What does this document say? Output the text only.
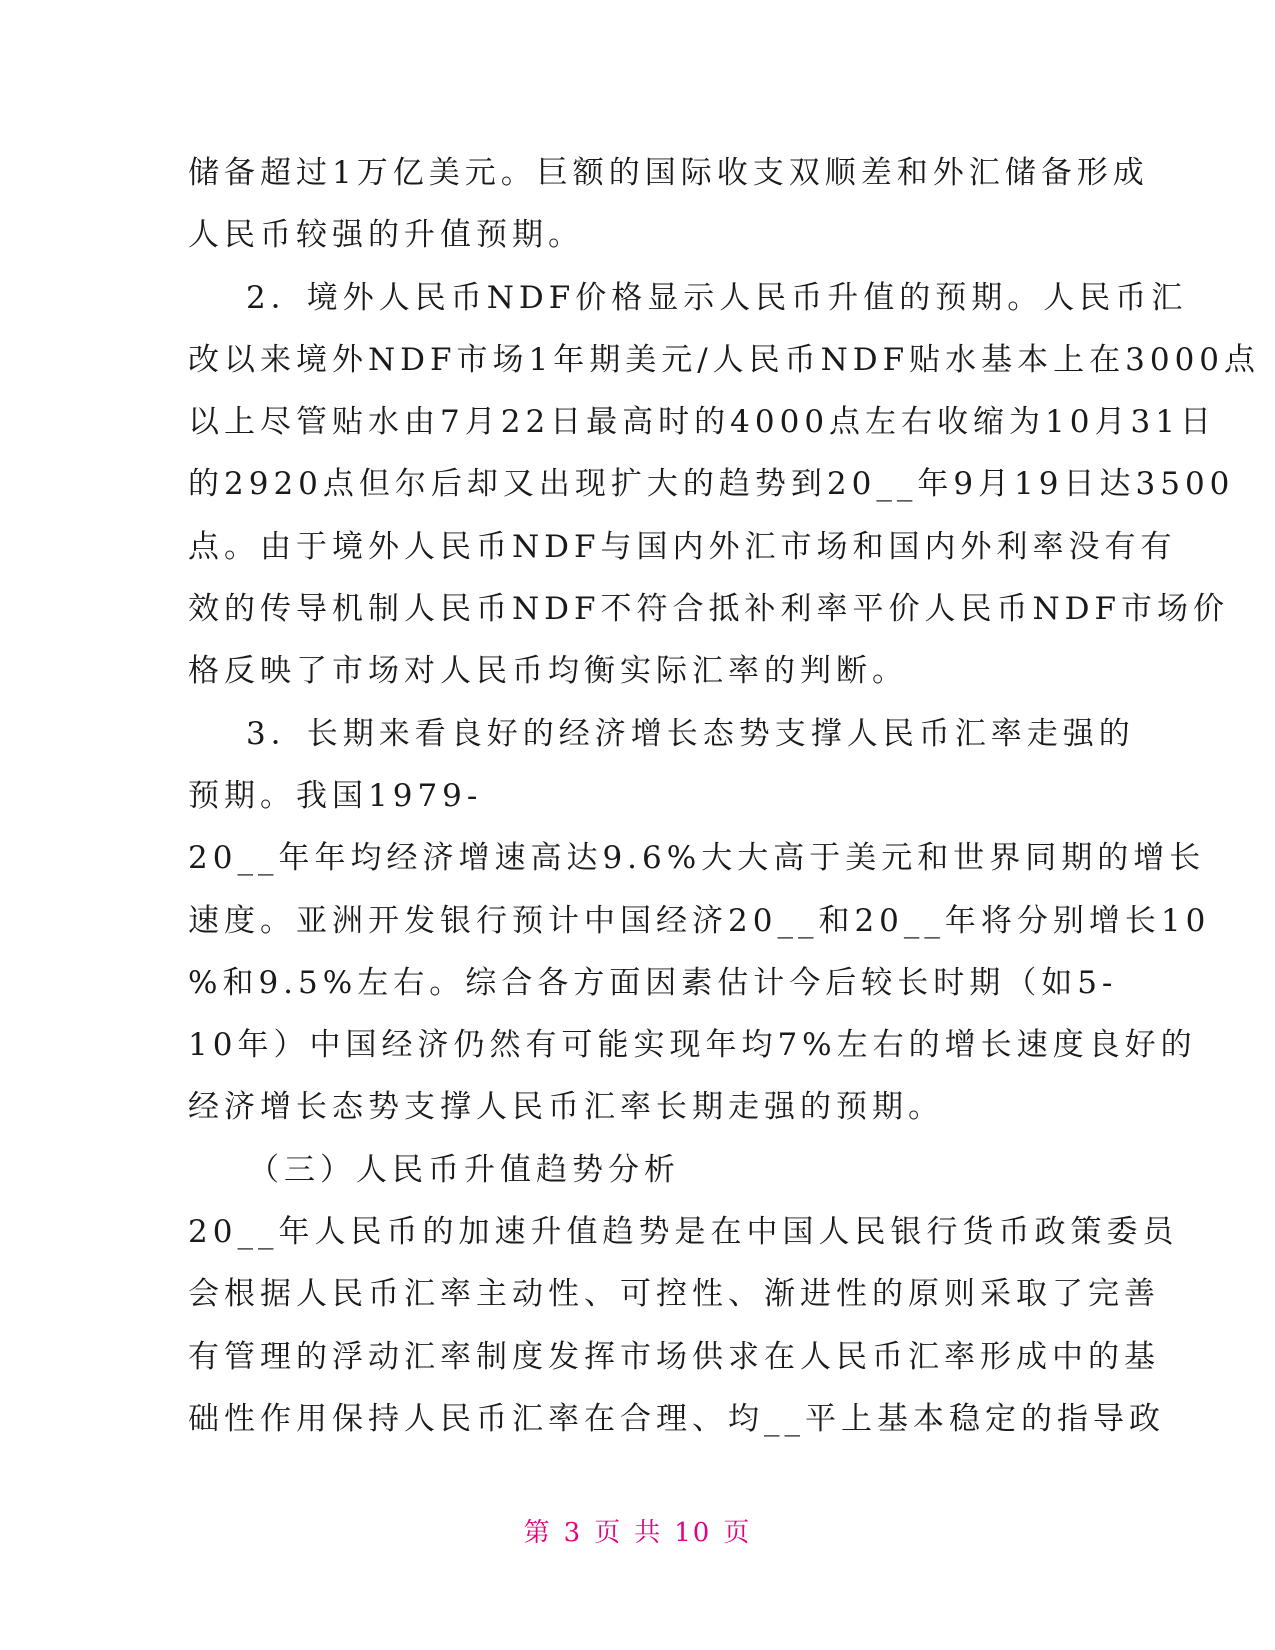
储备超过1万亿美元。巨额的国际收支双顺差和外汇储备形成
人民币较强的升值预期。
2．境外人民币NDF价格显示人民币升值的预期。人民币汇
改以来境外NDF市场1年期美元/人民币NDF贴水基本上在3000点
以上尽管贴水由7月22日最高时的4000点左右收缩为10月31日
的2920点但尔后却又出现扩大的趋势到20__年9月19日达3500
点。由于境外人民币NDF与国内外汇市场和国内外利率没有有
效的传导机制人民币NDF不符合抵补利率平价人民币NDF市场价
格反映了市场对人民币均衡实际汇率的判断。
3．长期来看良好的经济增长态势支撑人民币汇率走强的
预期。我国1979-
20__年年均经济增速高达9.6%大大高于美元和世界同期的增长
速度。亚洲开发银行预计中国经济20__和20__年将分别增长10
%和9.5%左右。综合各方面因素估计今后较长时期（如5-
10年）中国经济仍然有可能实现年均7%左右的增长速度良好的
经济增长态势支撑人民币汇率长期走强的预期。
（三）人民币升值趋势分析
20__年人民币的加速升值趋势是在中国人民银行货币政策委员
会根据人民币汇率主动性、可控性、渐进性的原则采取了完善
有管理的浮动汇率制度发挥市场供求在人民币汇率形成中的基
础性作用保持人民币汇率在合理、均__平上基本稳定的指导政
第 3 页 共 10 页
